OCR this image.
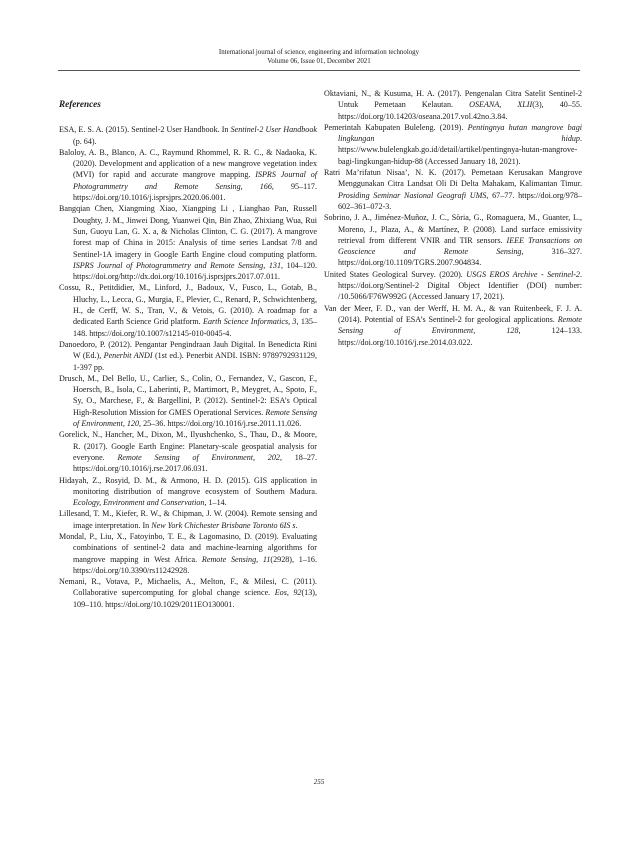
International journal of science, engineering and information technology
Volume 06, Issue 01, December 2021
References

ESA, E. S. A. (2015). Sentinel-2 User Handbook. In Sentinel-2 User Handbook (p. 64).

Baloloy, A. B., Blanco, A. C., Raymund Rhommel, R. R. C., & Nadaoka, K. (2020). Development and application of a new mangrove vegetation index (MVI) for rapid and accurate mangrove mapping. ISPRS Journal of Photogrammetry and Remote Sensing, 166, 95–117. https://doi.org/10.1016/j.isprsjprs.2020.06.001.

Bangqian Chen, Xiangming Xiao, Xiangping Li , Lianghao Pan, Russell Doughty, J. M., Jinwei Dong, Yuanwei Qin, Bin Zhao, Zhixiang Wua, Rui Sun, Guoyu Lan, G. X. a, & Nicholas Clinton, C. G. (2017). A mangrove forest map of China in 2015: Analysis of time series Landsat 7/8 and Sentinel-1A imagery in Google Earth Engine cloud computing platform. ISPRS Journal of Photogrammetry and Remote Sensing, 131, 104–120. https://doi.org/http://dx.doi.org/10.1016/j.isprsjprs.2017.07.011.

Cossu, R., Petitdidier, M., Linford, J., Badoux, V., Fusco, L., Gotab, B., Hluchy, L., Lecca, G., Murgia, F., Plevier, C., Renard, P., Schwichtenberg, H., de Cerff, W. S., Tran, V., & Vetois, G. (2010). A roadmap for a dedicated Earth Science Grid platform. Earth Science Informatics, 3, 135–148. https://doi.org/10.1007/s12145-010-0045-4.

Danoedoro, P. (2012). Pengantar Pengindraan Jauh Digital. In Benedicta Rini W (Ed.), Penerbit ANDI (1st ed.). Penerbit ANDI. ISBN: 9789792931129, 1-397 pp.

Drusch, M., Del Bello, U., Carlier, S., Colin, O., Fernandez, V., Gascon, F., Hoersch, B., Isola, C., Laberinti, P., Martimort, P., Meygret, A., Spoto, F., Sy, O., Marchese, F., & Bargellini, P. (2012). Sentinel-2: ESA’s Optical High-Resolution Mission for GMES Operational Services. Remote Sensing of Environment, 120, 25–36. https://doi.org/10.1016/j.rse.2011.11.026.

Gorelick, N., Hancher, M., Dixon, M., Ilyushchenko, S., Thau, D., & Moore, R. (2017). Google Earth Engine: Planetary-scale geospatial analysis for everyone. Remote Sensing of Environment, 202, 18–27. https://doi.org/10.1016/j.rse.2017.06.031.

Hidayah, Z., Rosyid, D. M., & Armono, H. D. (2015). GIS application in monitoring distribution of mangrove ecosystem of Southern Madura. Ecology, Environment and Conservation, 1–14.

Lillesand, T. M., Kiefer, R. W., & Chipman, J. W. (2004). Remote sensing and image interpretation. In New York Chichester Brisbane Toronto 6IS s.

Mondal, P., Liu, X., Fatoyinbo, T. E., & Lagomasino, D. (2019). Evaluating combinations of sentinel-2 data and machine-learning algorithms for mangrove mapping in West Africa. Remote Sensing, 11(2928), 1–16. https://doi.org/10.3390/rs11242928.

Nemani, R., Votava, P., Michaelis, A., Melton, F., & Milesi, C. (2011). Collaborative supercomputing for global change science. Eos, 92(13), 109–110. https://doi.org/10.1029/2011EO130001.

Oktaviani, N., & Kusuma, H. A. (2017). Pengenalan Citra Satelit Sentinel-2 Untuk Pemetaan Kelautan. OSEANA, XLII(3), 40–55. https://doi.org/10.14203/oseana.2017.vol.42no.3.84.

Pemerintah Kabupaten Buleleng. (2019). Pentingnya hutan mangrove bagi lingkungan hidup. https://www.bulelengkab.go.id/detail/artikel/pentingnya-hutan-mangrove-bagi-lingkungan-hidup-88 (Accessed January 18, 2021).

Ratri Ma’rifatun Nisaa’, N. K. (2017). Pemetaan Kerusakan Mangrove Menggunakan Citra Landsat Oli Di Delta Mahakam, Kalimantan Timur. Prosiding Seminar Nasional Geografi UMS, 67–77. https://doi.org/978–602–361–072-3.

Sobrino, J. A., Jiménez-Muñoz, J. C., Sòria, G., Romaguera, M., Guanter, L., Moreno, J., Plaza, A., & Martínez, P. (2008). Land surface emissivity retrieval from different VNIR and TIR sensors. IEEE Transactions on Geoscience and Remote Sensing, 316–327. https://doi.org/10.1109/TGRS.2007.904834.

United States Geological Survey. (2020). USGS EROS Archive - Sentinel-2. https://doi.org/Sentinel-2 Digital Object Identifier (DOI) number: /10.5066/F76W992G (Accessed January 17, 2021).

Van der Meer, F. D., van der Werff, H. M. A., & van Ruitenbeek, F. J. A. (2014). Potential of ESA’s Sentinel-2 for geological applications. Remote Sensing of Environment, 128, 124–133. https://doi.org/10.1016/j.rse.2014.03.022.

255
